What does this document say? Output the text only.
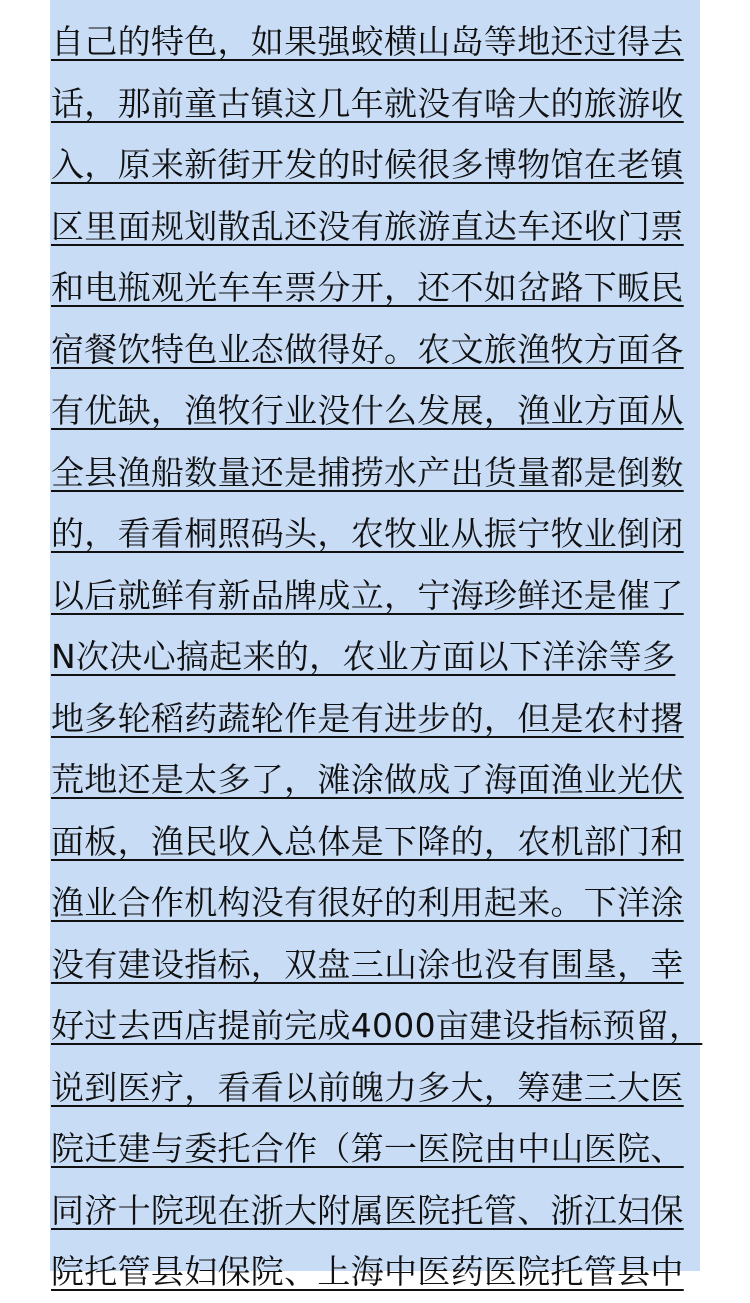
自己的特色，如果强蛟横山岛等地还过得去
话，那前童古镇这几年就没有啥大的旅游收
入，原来新街开发的时候很多博物馆在老镇
区里面规划散乱还没有旅游直达车还收门票
和电瓶观光车车票分开，还不如岔路下畈民
宿餐饮特色业态做得好。农文旅渔牧方面各
有优缺，渔牧行业没什么发展，渔业方面从
全县渔船数量还是捕捞水产出货量都是倒数
的，看看桐照码头，农牧业从振宁牧业倒闭
以后就鲜有新品牌成立，宁海珍鲜还是催了
N次决心搞起来的，农业方面以下洋涂等多
地多轮稻药蔬轮作是有进步的，但是农村撂
荒地还是太多了，滩涂做成了海面渔业光伏
面板，渔民收入总体是下降的，农机部门和
渔业合作机构没有很好的利用起来。下洋涂
没有建设指标，双盘三山涂也没有围垦，幸
好过去西店提前完成4000亩建设指标预留，
说到医疗，看看以前魄力多大，筹建三大医
院迁建与委托合作（第一医院由中山医院、
同济十院现在浙大附属医院托管、浙江妇保
院托管县妇保院、上海中医药医院托管县中
